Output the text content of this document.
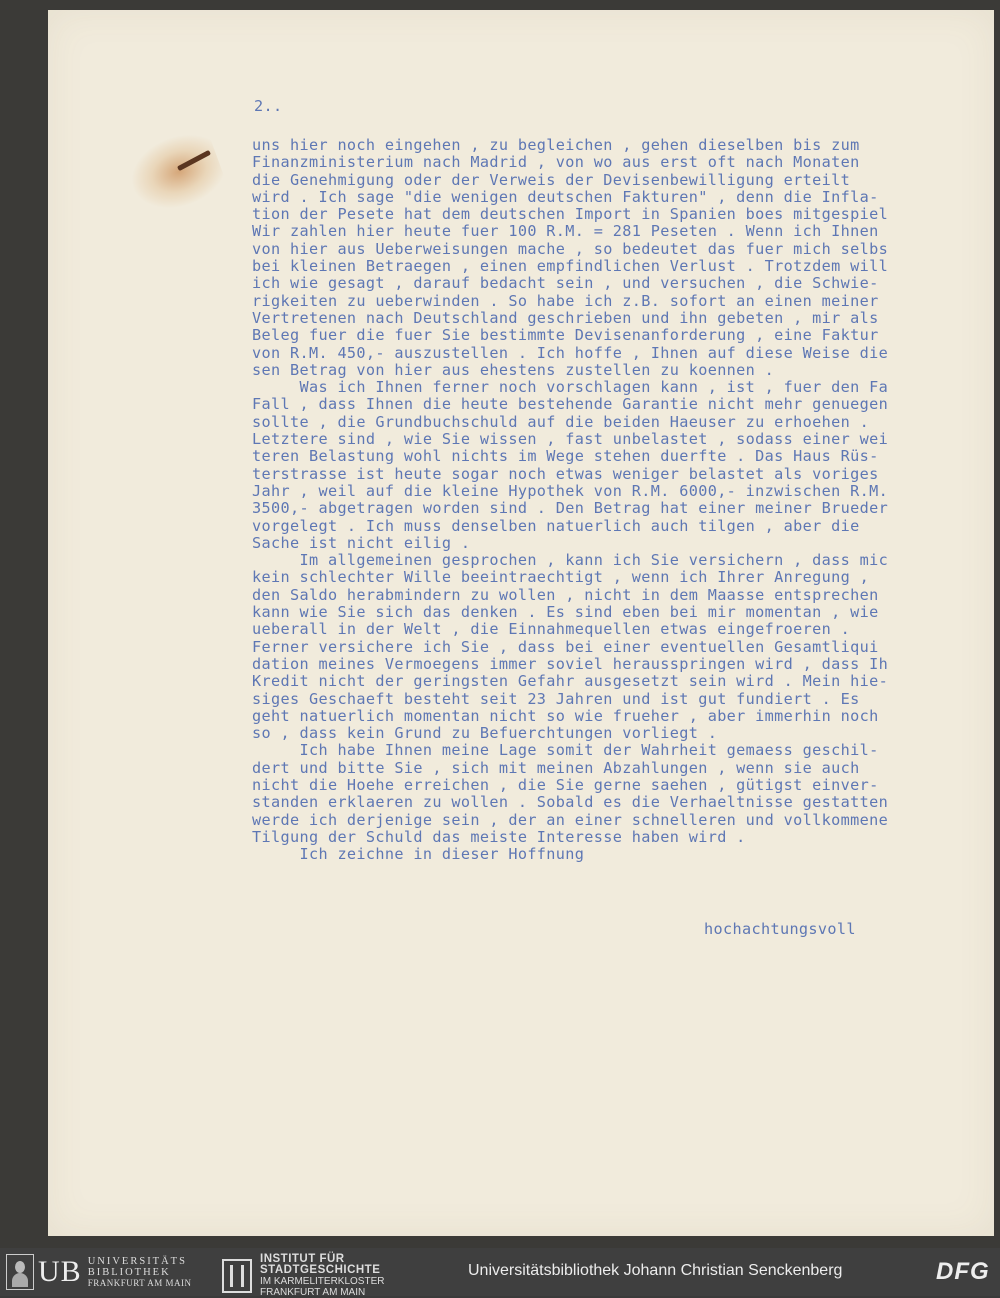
2..

uns hier noch eingehen , zu begleichen , gehen dieselben bis zum

Finanzministerium nach Madrid , von wo aus erst oft nach Monaten

die Genehmigung oder der Verweis der Devisenbewilligung erteilt

wird . Ich sage "die wenigen deutschen Fakturen" , denn die Infla-

tion der Pesete hat dem deutschen Import in Spanien boes mitgespiel

Wir zahlen hier heute fuer 100 R.M. = 281 Peseten . Wenn ich Ihnen

von hier aus Ueberweisungen mache , so bedeutet das fuer mich selbs

bei kleinen Betraegen , einen empfindlichen Verlust . Trotzdem will

ich wie gesagt , darauf bedacht sein , und versuchen , die Schwie-

rigkeiten zu ueberwinden . So habe ich z.B. sofort an einen meiner

Vertretenen nach Deutschland geschrieben und ihn gebeten , mir als

Beleg fuer die fuer Sie bestimmte Devisenanforderung , eine Faktur

von R.M. 450,- auszustellen . Ich hoffe , Ihnen auf diese Weise die

sen Betrag von hier aus ehestens zustellen zu koennen .

Was ich Ihnen ferner noch vorschlagen kann , ist , fuer den Fa

Fall , dass Ihnen die heute bestehende Garantie nicht mehr genuegen

sollte , die Grundbuchschuld auf die beiden Haeuser zu erhoehen .

Letztere sind , wie Sie wissen , fast unbelastet , sodass einer wei

teren Belastung wohl nichts im Wege stehen duerfte . Das Haus Rüs-

terstrasse ist heute sogar noch etwas weniger belastet als voriges

Jahr , weil auf die kleine Hypothek von R.M. 6000,- inzwischen R.M.

3500,- abgetragen worden sind . Den Betrag hat einer meiner Brueder

vorgelegt . Ich muss denselben natuerlich auch tilgen , aber die

Sache ist nicht eilig .

Im allgemeinen gesprochen , kann ich Sie versichern , dass mic

kein schlechter Wille beeintraechtigt , wenn ich Ihrer Anregung ,

den Saldo herabmindern zu wollen , nicht in dem Maasse entsprechen

kann wie Sie sich das denken . Es sind eben bei mir momentan , wie

ueberall in der Welt , die Einnahmequellen etwas eingefroeren .

Ferner versichere ich Sie , dass bei einer eventuellen Gesamtliqui

dation meines Vermoegens immer soviel herausspringen wird , dass Ih

Kredit nicht der geringsten Gefahr ausgesetzt sein wird . Mein hie-

siges Geschaeft besteht seit 23 Jahren und ist gut fundiert . Es

geht natuerlich momentan nicht so wie frueher , aber immerhin noch

so , dass kein Grund zu Befuerchtungen vorliegt .

Ich habe Ihnen meine Lage somit der Wahrheit gemaess geschil-

dert und bitte Sie , sich mit meinen Abzahlungen , wenn sie auch

nicht die Hoehe erreichen , die Sie gerne saehen , gütigst einver-

standen erklaeren zu wollen . Sobald es die Verhaeltnisse gestatten

werde ich derjenige sein , der an einer schnelleren und vollkommene

Tilgung der Schuld das meiste Interesse haben wird .

Ich zeichne in dieser Hoffnung

hochachtungsvoll
UB UNIVERSITÄTS
BIBLIOTHEK
FRANKFURT AM MAIN
INSTITUT FÜR
STADTGESCHICHTE
IM KARMELITERKLOSTER
FRANKFURT AM MAIN
Universitätsbibliothek Johann Christian Senckenberg	DFG
